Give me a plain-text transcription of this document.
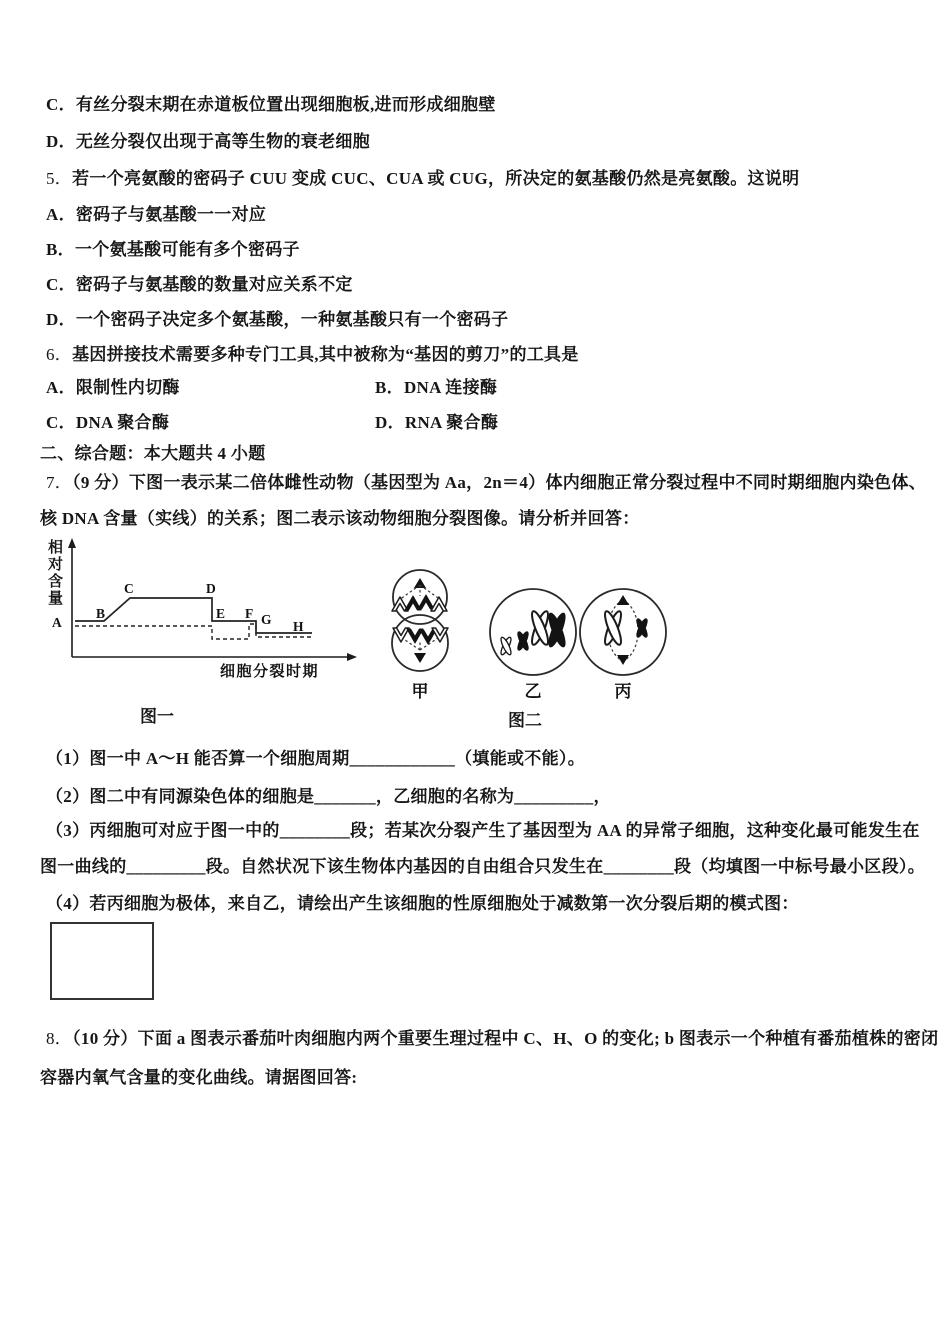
C．有丝分裂末期在赤道板位置出现细胞板,进而形成细胞壁
D．无丝分裂仅出现于高等生物的衰老细胞
5．若一个亮氨酸的密码子 CUU 变成 CUC、CUA 或 CUG，所决定的氨基酸仍然是亮氨酸。这说明
A．密码子与氨基酸一一对应
B．一个氨基酸可能有多个密码子
C．密码子与氨基酸的数量对应关系不定
D．一个密码子决定多个氨基酸，一种氨基酸只有一个密码子
6．基因拼接技术需要多种专门工具,其中被称为“基因的剪刀”的工具是
A．限制性内切酶	B．DNA 连接酶
C．DNA 聚合酶	D．RNA 聚合酶
二、综合题：本大题共 4 小题
7．（9 分）下图一表示某二倍体雌性动物（基因型为 Aa，2n＝4）体内细胞正常分裂过程中不同时期细胞内染色体、
核 DNA 含量（实线）的关系；图二表示该动物细胞分裂图像。请分析并回答：
相对含量
A
B
C	D
E F G H
细胞分裂时期
图一
甲	乙	丙
图二
（1）图一中 A～H 能否算一个细胞周期____________（填能或不能）。
（2）图二中有同源染色体的细胞是_______，乙细胞的名称为_________，
（3）丙细胞可对应于图一中的________段；若某次分裂产生了基因型为 AA 的异常子细胞，这种变化最可能发生在
图一曲线的_________段。自然状况下该生物体内基因的自由组合只发生在________段（均填图一中标号最小区段）。
（4）若丙细胞为极体，来自乙，请绘出产生该细胞的性原细胞处于减数第一次分裂后期的模式图：
8．（10 分）下面 a 图表示番茄叶肉细胞内两个重要生理过程中 C、H、O 的变化; b 图表示一个种植有番茄植株的密闭
容器内氧气含量的变化曲线。请据图回答:
